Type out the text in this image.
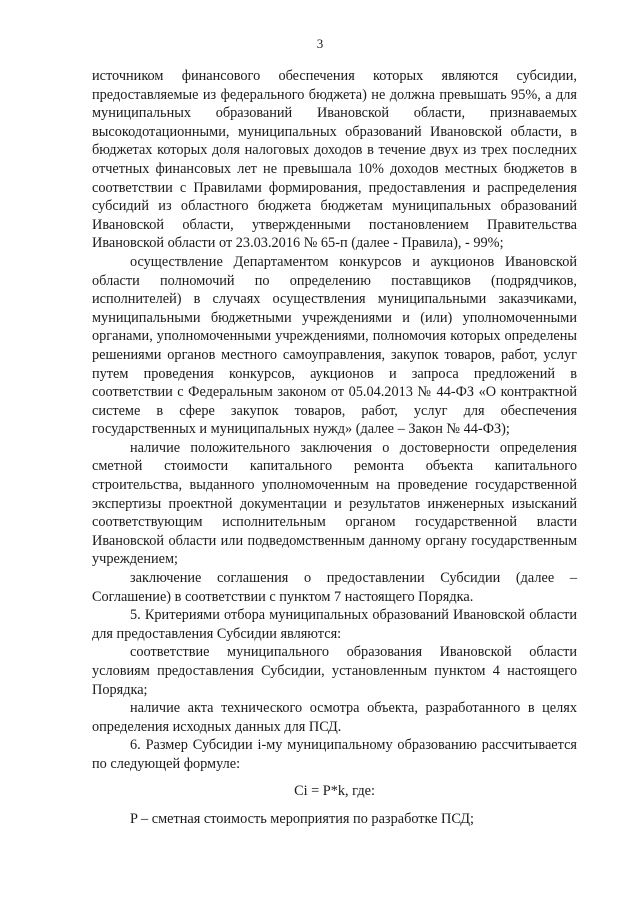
3

источником финансового обеспечения которых являются субсидии, предоставляемые из федерального бюджета) не должна превышать 95%, а для муниципальных образований Ивановской области, признаваемых высокодотационными, муниципальных образований Ивановской области, в бюджетах которых доля налоговых доходов в течение двух из трех последних отчетных финансовых лет не превышала 10% доходов местных бюджетов в соответствии с Правилами формирования, предоставления и распределения субсидий из областного бюджета бюджетам муниципальных образований Ивановской области, утвержденными постановлением Правительства Ивановской области от 23.03.2016 № 65-п (далее - Правила), - 99%;

осуществление Департаментом конкурсов и аукционов Ивановской области полномочий по определению поставщиков (подрядчиков, исполнителей) в случаях осуществления муниципальными заказчиками, муниципальными бюджетными учреждениями и (или) уполномоченными органами, уполномоченными учреждениями, полномочия которых определены решениями органов местного самоуправления, закупок товаров, работ, услуг путем проведения конкурсов, аукционов и запроса предложений в соответствии с Федеральным законом от 05.04.2013 № 44-ФЗ «О контрактной системе в сфере закупок товаров, работ, услуг для обеспечения государственных и муниципальных нужд» (далее – Закон № 44-ФЗ);

наличие положительного заключения о достоверности определения сметной стоимости капитального ремонта объекта капитального строительства, выданного уполномоченным на проведение государственной экспертизы проектной документации и результатов инженерных изысканий соответствующим исполнительным органом государственной власти Ивановской области или подведомственным данному органу государственным учреждением;

заключение соглашения о предоставлении Субсидии (далее – Соглашение) в соответствии с пунктом 7 настоящего Порядка.

5. Критериями отбора муниципальных образований Ивановской области для предоставления Субсидии являются:

соответствие муниципального образования Ивановской области условиям предоставления Субсидии, установленным пунктом 4 настоящего Порядка;

наличие акта технического осмотра объекта, разработанного в целях определения исходных данных для ПСД.

6. Размер Субсидии i-му муниципальному образованию рассчитывается по следующей формуле:

Ci = P*k, где:

P – сметная стоимость мероприятия по разработке ПСД;
